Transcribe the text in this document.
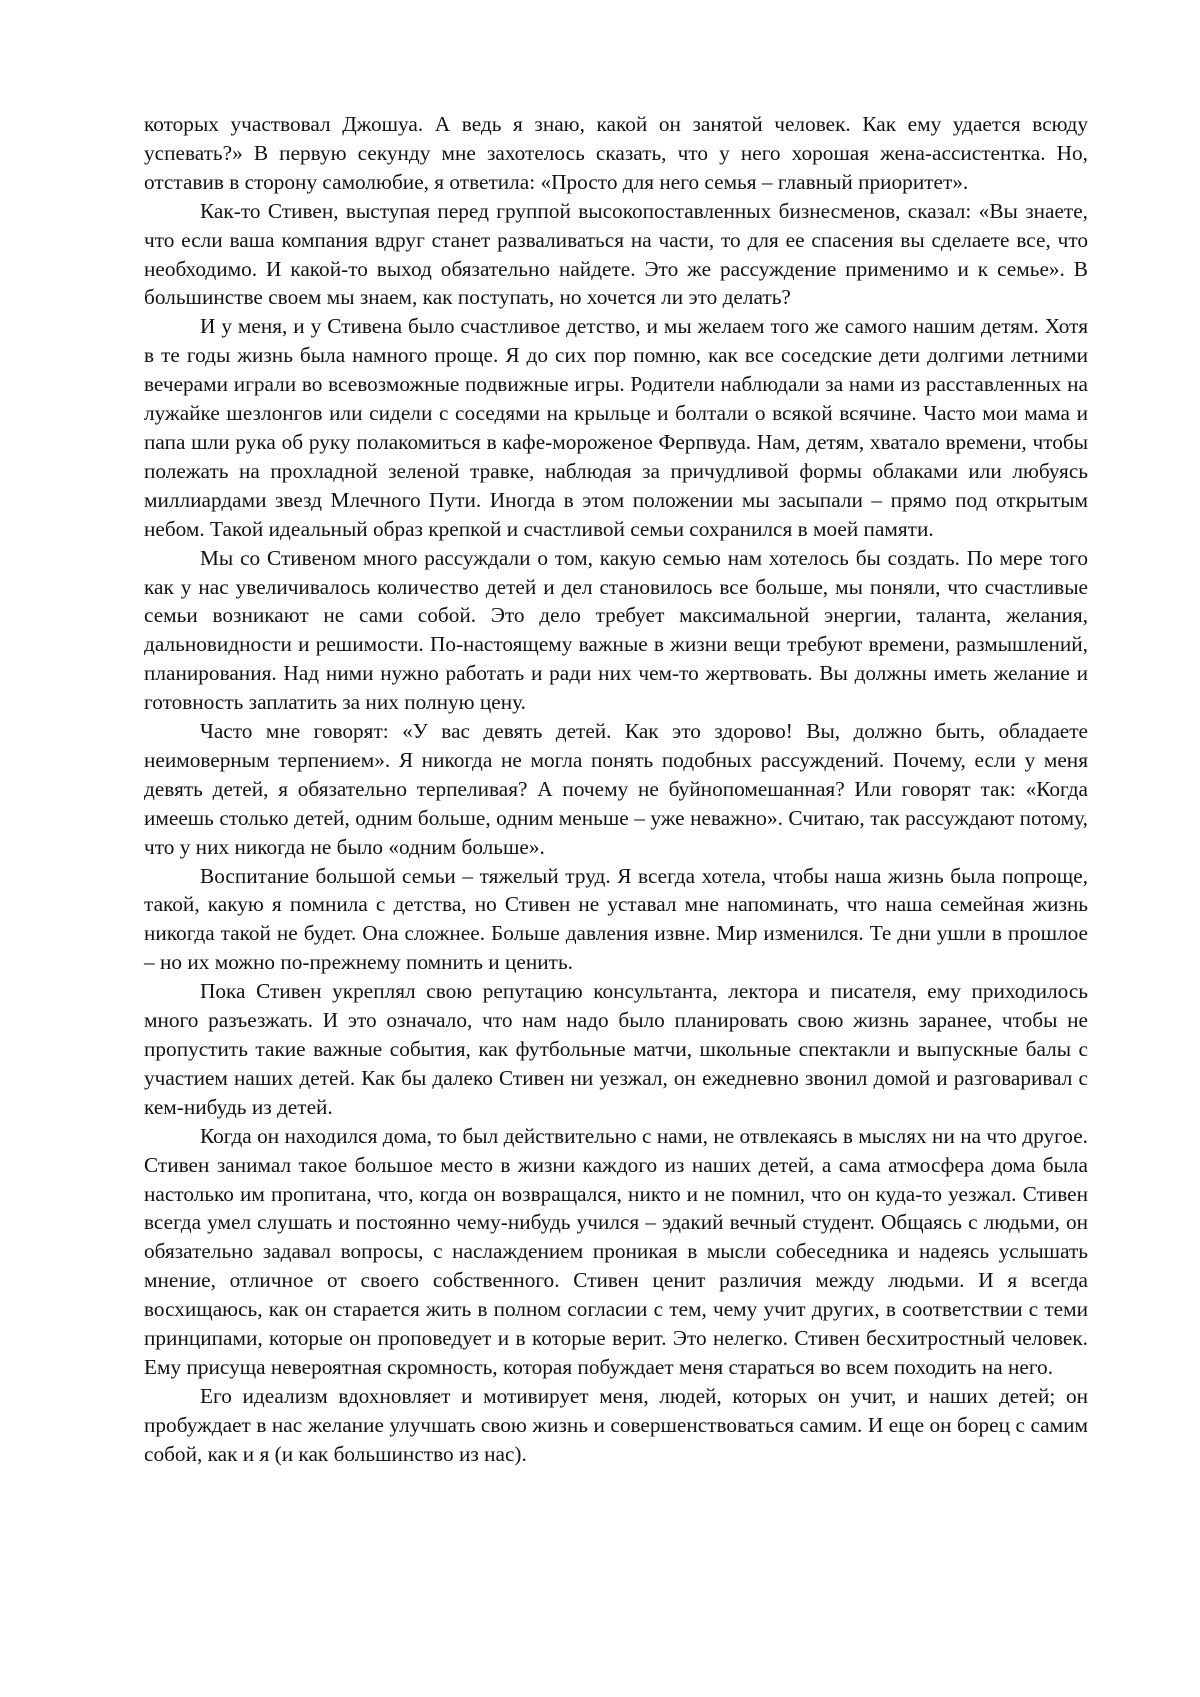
которых участвовал Джошуа. А ведь я знаю, какой он занятой человек. Как ему удается всюду успевать?» В первую секунду мне захотелось сказать, что у него хорошая жена-ассистентка. Но, отставив в сторону самолюбие, я ответила: «Просто для него семья – главный приоритет».

Как-то Стивен, выступая перед группой высокопоставленных бизнесменов, сказал: «Вы знаете, что если ваша компания вдруг станет разваливаться на части, то для ее спасения вы сделаете все, что необходимо. И какой-то выход обязательно найдете. Это же рассуждение применимо и к семье». В большинстве своем мы знаем, как поступать, но хочется ли это делать?

И у меня, и у Стивена было счастливое детство, и мы желаем того же самого нашим детям. Хотя в те годы жизнь была намного проще. Я до сих пор помню, как все соседские дети долгими летними вечерами играли во всевозможные подвижные игры. Родители наблюдали за нами из расставленных на лужайке шезлонгов или сидели с соседями на крыльце и болтали о всякой всячине. Часто мои мама и папа шли рука об руку полакомиться в кафе-мороженое Ферпвуда. Нам, детям, хватало времени, чтобы полежать на прохладной зеленой травке, наблюдая за причудливой формы облаками или любуясь миллиардами звезд Млечного Пути. Иногда в этом положении мы засыпали – прямо под открытым небом. Такой идеальный образ крепкой и счастливой семьи сохранился в моей памяти.

Мы со Стивеном много рассуждали о том, какую семью нам хотелось бы создать. По мере того как у нас увеличивалось количество детей и дел становилось все больше, мы поняли, что счастливые семьи возникают не сами собой. Это дело требует максимальной энергии, таланта, желания, дальновидности и решимости. По-настоящему важные в жизни вещи требуют времени, размышлений, планирования. Над ними нужно работать и ради них чем-то жертвовать. Вы должны иметь желание и готовность заплатить за них полную цену.

Часто мне говорят: «У вас девять детей. Как это здорово! Вы, должно быть, обладаете неимоверным терпением». Я никогда не могла понять подобных рассуждений. Почему, если у меня девять детей, я обязательно терпеливая? А почему не буйнопомешанная? Или говорят так: «Когда имеешь столько детей, одним больше, одним меньше – уже неважно». Считаю, так рассуждают потому, что у них никогда не было «одним больше».

Воспитание большой семьи – тяжелый труд. Я всегда хотела, чтобы наша жизнь была попроще, такой, какую я помнила с детства, но Стивен не уставал мне напоминать, что наша семейная жизнь никогда такой не будет. Она сложнее. Больше давления извне. Мир изменился. Те дни ушли в прошлое – но их можно по-прежнему помнить и ценить.

Пока Стивен укреплял свою репутацию консультанта, лектора и писателя, ему приходилось много разъезжать. И это означало, что нам надо было планировать свою жизнь заранее, чтобы не пропустить такие важные события, как футбольные матчи, школьные спектакли и выпускные балы с участием наших детей. Как бы далеко Стивен ни уезжал, он ежедневно звонил домой и разговаривал с кем-нибудь из детей.

Когда он находился дома, то был действительно с нами, не отвлекаясь в мыслях ни на что другое. Стивен занимал такое большое место в жизни каждого из наших детей, а сама атмосфера дома была настолько им пропитана, что, когда он возвращался, никто и не помнил, что он куда-то уезжал. Стивен всегда умел слушать и постоянно чему-нибудь учился – эдакий вечный студент. Общаясь с людьми, он обязательно задавал вопросы, с наслаждением проникая в мысли собеседника и надеясь услышать мнение, отличное от своего собственного. Стивен ценит различия между людьми. И я всегда восхищаюсь, как он старается жить в полном согласии с тем, чему учит других, в соответствии с теми принципами, которые он проповедует и в которые верит. Это нелегко. Стивен бесхитростный человек. Ему присуща невероятная скромность, которая побуждает меня стараться во всем походить на него.

Его идеализм вдохновляет и мотивирует меня, людей, которых он учит, и наших детей; он пробуждает в нас желание улучшать свою жизнь и совершенствоваться самим. И еще он борец с самим собой, как и я (и как большинство из нас).
